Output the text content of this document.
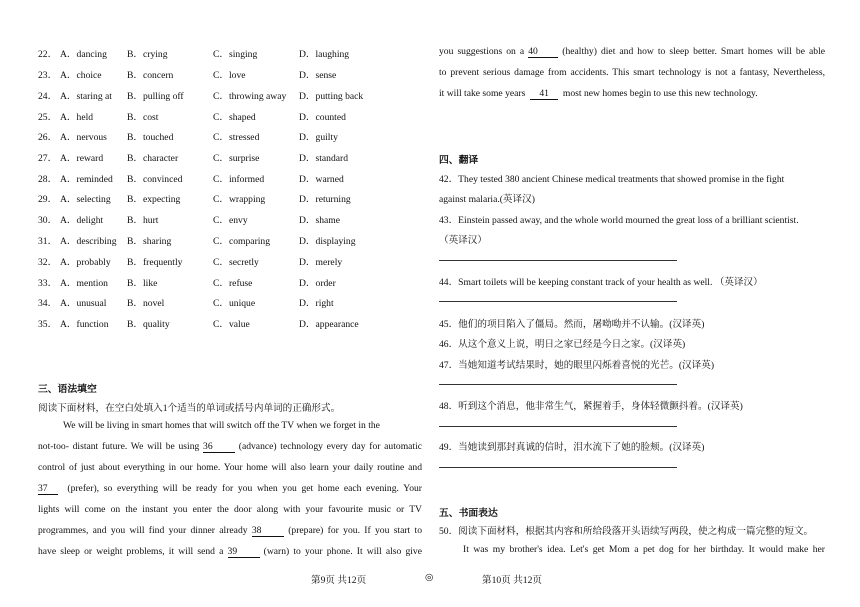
22． A．dancing B．crying	C．singing	D．laughing
23． A．choice	B．concern	C．love	D．sense
24． A．staring at B．pulling off	C．throwing away D．putting back
25． A．held	B．cost	C．shaped	D．counted
26． A．nervous B．touched	C．stressed	D．guilty
27． A．reward B．character	C．surprise	D．standard
28． A．reminded B．convinced	C．informed	D．warned
29． A．selecting B．expecting	C．wrapping	D．returning
30． A．delight B．hurt	C．envy	D．shame
31． A．describing B．sharing	C．comparing	D．displaying
32． A．probably B．frequently	C．secretly	D．merely
33． A．mention B．like	C．refuse	D．order
34． A．unusual B．novel	C．unique	D．right
35． A．function B．quality	C．value	D．appearance
三、语法填空
阅读下面材料，在空白处填入1个适当的单词或括号内单词的正确形式。
We will be living in smart homes that will switch off the TV when we forget in the
not-too- distant future. We will be using 36	(advance) technology every day for automatic
control of just about everything in our home. Your home will also learn your daily routine and
37 (prefer), so everything will be ready for you when you get home each evening. Your
lights will come on the instant you enter the door along with your favourite music or TV
programmes, and you will find your dinner already 38	(prepare) for you. If you start to
have sleep or weight problems, it will send a 39	(warn) to your phone. It will also give
you suggestions on a 40	(healthy) diet and how to sleep better. Smart homes will be able
to prevent serious damage from accidents. This smart technology is not a fantasy, Nevertheless,
it will take some years 41 most new homes begin to use this new technology.
四、翻译
42．They tested 380 ancient Chinese medical treatments that showed promise in the fight
against malaria.(英译汉)
43．Einstein passed away, and the whole world mourned the great loss of a brilliant scientist.
（英译汉）
44．Smart toilets will be keeping constant track of your health as well. （英译汉）
45．他们的项目陷入了僵局。然而，屠呦呦并不认输。(汉译英)
46．从这个意义上说，明日之家已经是今日之家。(汉译英)
47．当她知道考试结果时，她的眼里闪烁着喜悦的光芒。(汉译英)
48．听到这个消息，他非常生气，紧握着手，身体轻微颤抖着。(汉译英)
49．当她读到那封真诚的信时，泪水流下了她的脸颊。(汉译英)
五、书面表达
50．阅读下面材料，根据其内容和所给段落开头语续写两段，使之构成一篇完整的短文。
It was my brother's idea. Let's get Mom a pet dog for her birthday. It would make her
第9页 共12页	◎	第10页 共12页
